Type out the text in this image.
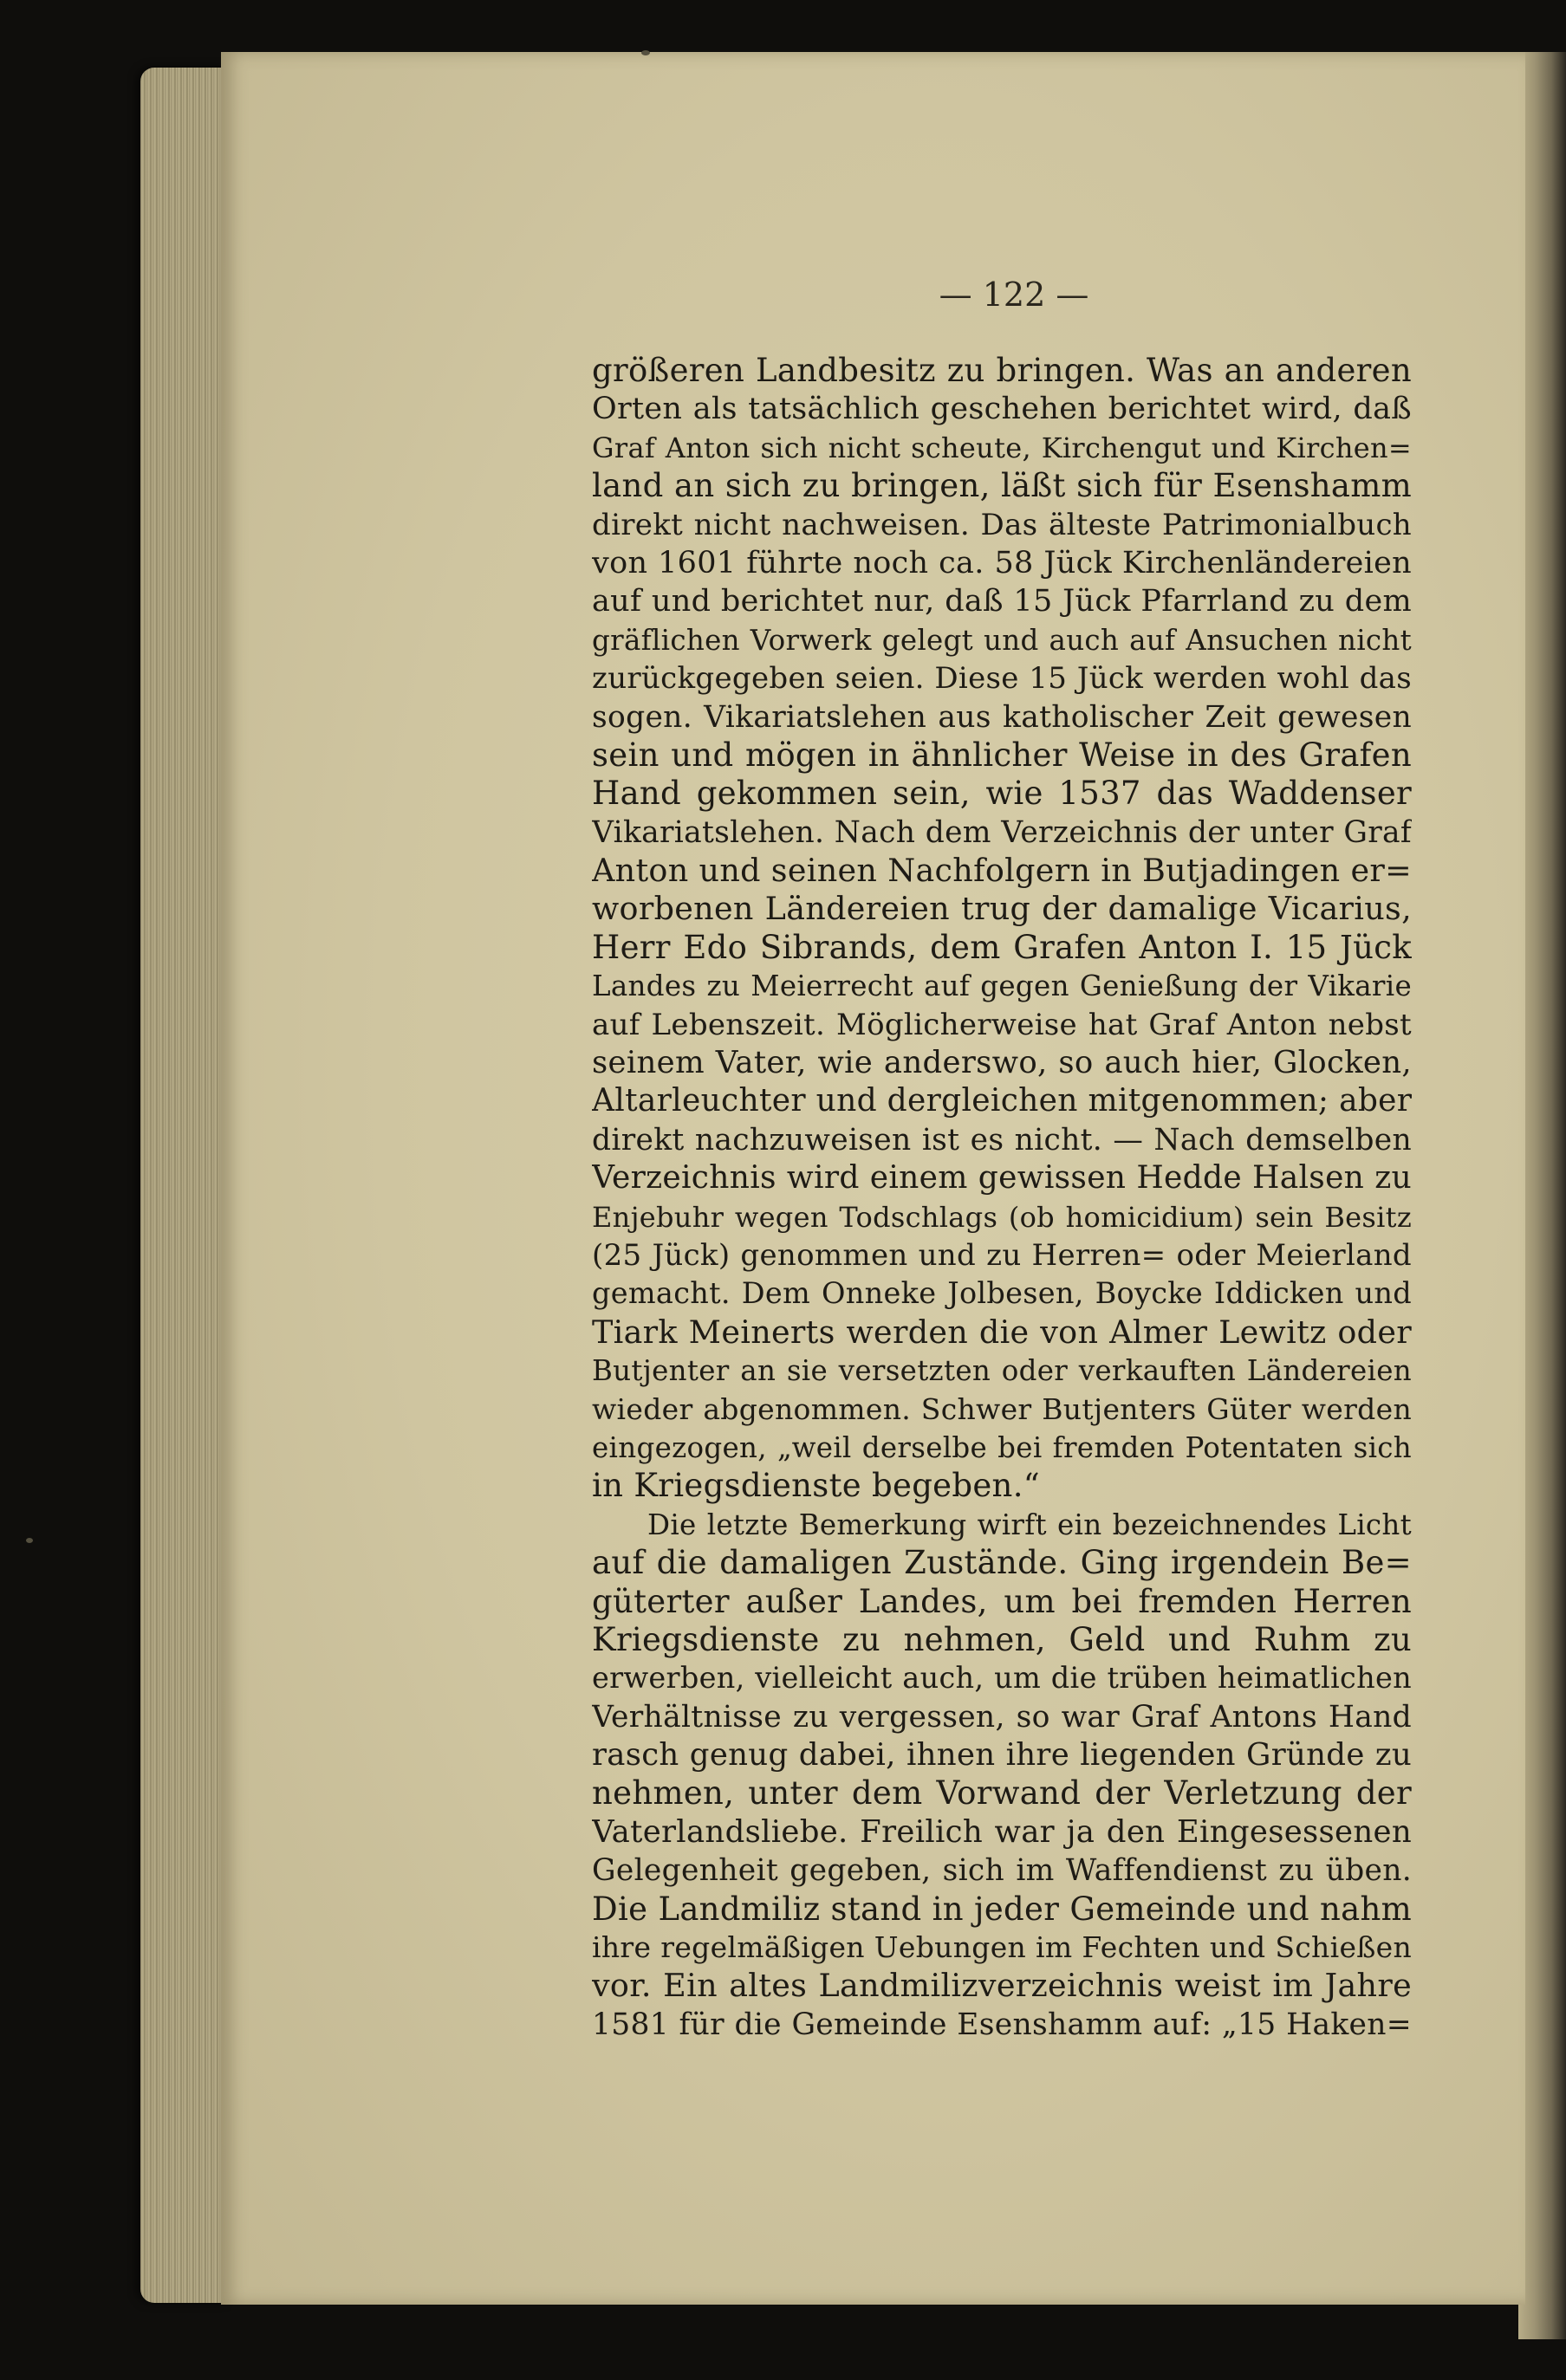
— 122 —
größeren Landbesitz zu bringen. Was an anderen
Orten als tatsächlich geschehen berichtet wird, daß
Graf Anton sich nicht scheute, Kirchengut und Kirchen=
land an sich zu bringen, läßt sich für Esenshamm
direkt nicht nachweisen. Das älteste Patrimonialbuch
von 1601 führte noch ca. 58 Jück Kirchenländereien
auf und berichtet nur, daß 15 Jück Pfarrland zu dem
gräflichen Vorwerk gelegt und auch auf Ansuchen nicht
zurückgegeben seien. Diese 15 Jück werden wohl das
sogen. Vikariatslehen aus katholischer Zeit gewesen
sein und mögen in ähnlicher Weise in des Grafen
Hand gekommen sein, wie 1537 das Waddenser
Vikariatslehen. Nach dem Verzeichnis der unter Graf
Anton und seinen Nachfolgern in Butjadingen er=
worbenen Ländereien trug der damalige Vicarius,
Herr Edo Sibrands, dem Grafen Anton I. 15 Jück
Landes zu Meierrecht auf gegen Genießung der Vikarie
auf Lebenszeit. Möglicherweise hat Graf Anton nebst
seinem Vater, wie anderswo, so auch hier, Glocken,
Altarleuchter und dergleichen mitgenommen; aber
direkt nachzuweisen ist es nicht. — Nach demselben
Verzeichnis wird einem gewissen Hedde Halsen zu
Enjebuhr wegen Todschlags (ob homicidium) sein Besitz
(25 Jück) genommen und zu Herren= oder Meierland
gemacht. Dem Onneke Jolbesen, Boycke Iddicken und
Tiark Meinerts werden die von Almer Lewitz oder
Butjenter an sie versetzten oder verkauften Ländereien
wieder abgenommen. Schwer Butjenters Güter werden
eingezogen, „weil derselbe bei fremden Potentaten sich
in Kriegsdienste begeben.“
Die letzte Bemerkung wirft ein bezeichnendes Licht
auf die damaligen Zustände. Ging irgendein Be=
güterter außer Landes, um bei fremden Herren
Kriegsdienste zu nehmen, Geld und Ruhm zu
erwerben, vielleicht auch, um die trüben heimatlichen
Verhältnisse zu vergessen, so war Graf Antons Hand
rasch genug dabei, ihnen ihre liegenden Gründe zu
nehmen, unter dem Vorwand der Verletzung der
Vaterlandsliebe. Freilich war ja den Eingesessenen
Gelegenheit gegeben, sich im Waffendienst zu üben.
Die Landmiliz stand in jeder Gemeinde und nahm
ihre regelmäßigen Uebungen im Fechten und Schießen
vor. Ein altes Landmilizverzeichnis weist im Jahre
1581 für die Gemeinde Esenshamm auf: „15 Haken=
